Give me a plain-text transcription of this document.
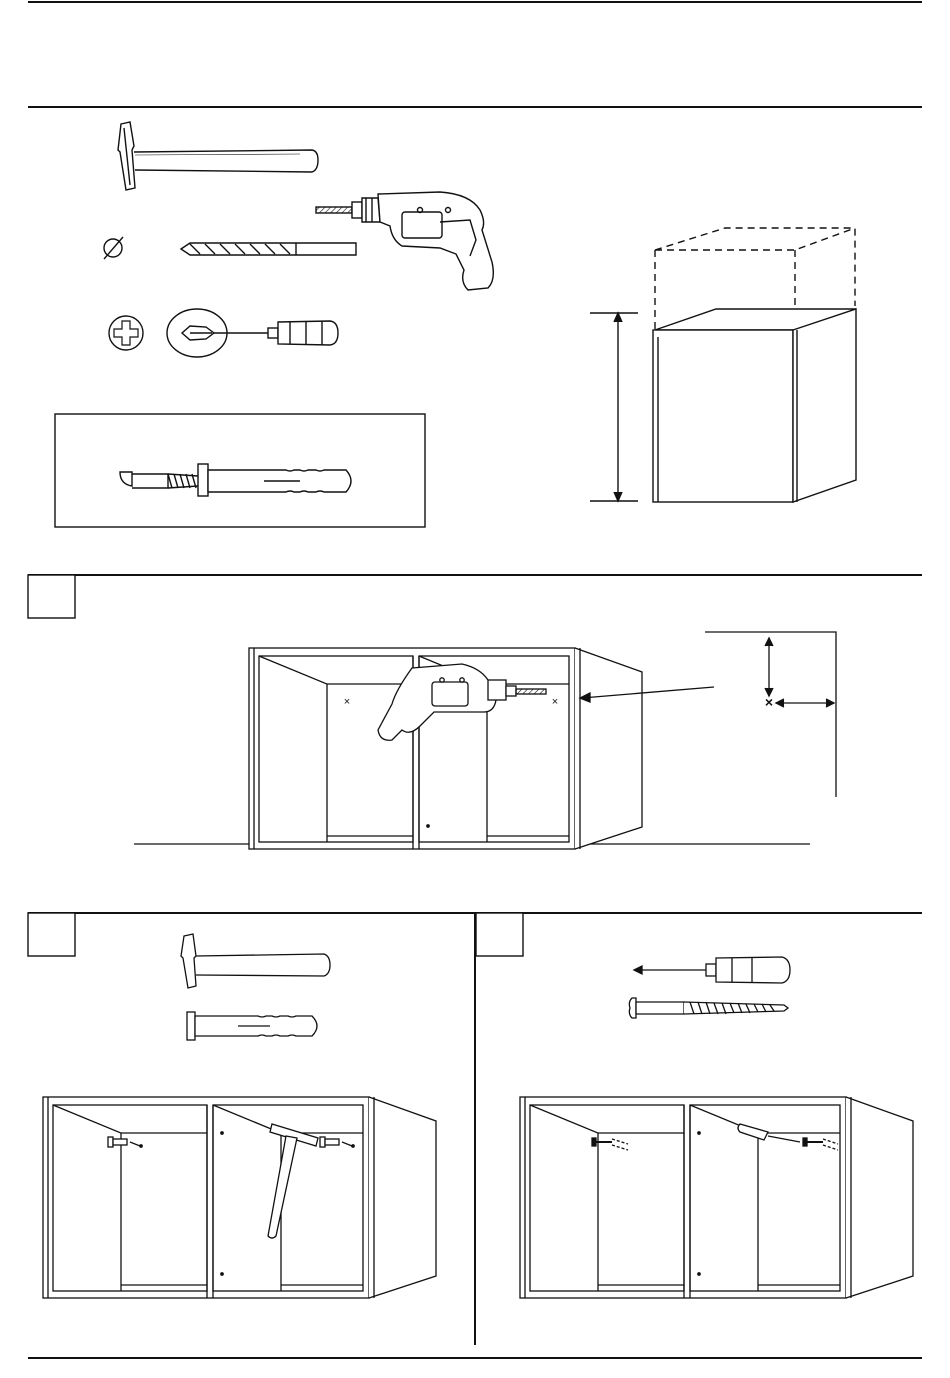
×	×	×
